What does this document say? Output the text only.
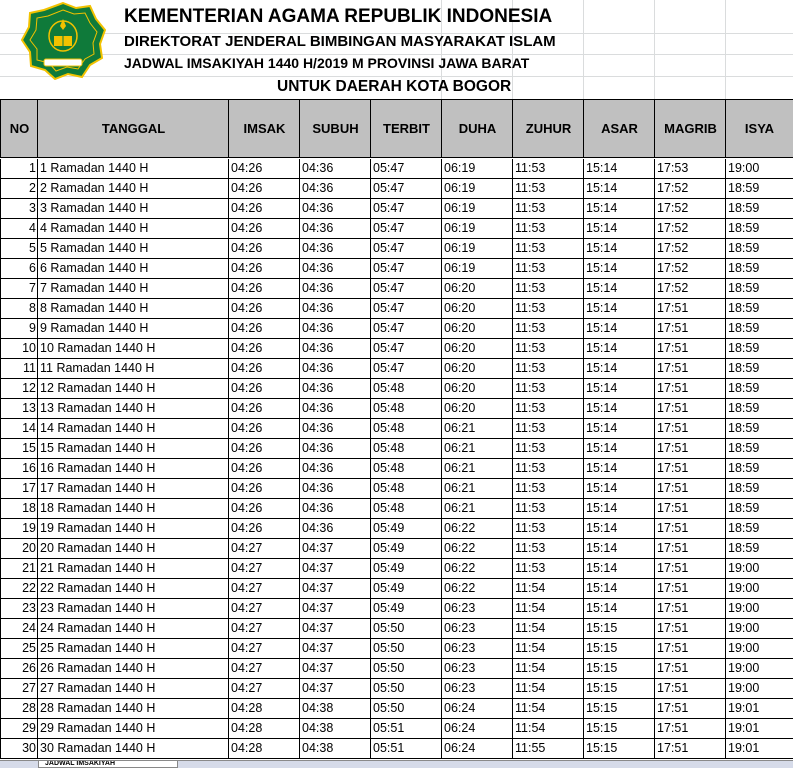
KEMENTERIAN AGAMA REPUBLIK INDONESIA
DIREKTORAT JENDERAL BIMBINGAN MASYARAKAT ISLAM
JADWAL IMSAKIYAH 1440 H/2019 M PROVINSI JAWA BARAT
UNTUK DAERAH KOTA BOGOR
NO	TANGGAL	IMSAK	SUBUH	TERBIT	DUHA	ZUHUR	ASAR	MAGRIB	ISYA
1 1 Ramadan 1440 H	04:26	04:36	05:47	06:19	11:53	15:14	17:53	19:00
2 2 Ramadan 1440 H	04:26	04:36	05:47	06:19	11:53	15:14	17:52	18:59
3 3 Ramadan 1440 H	04:26	04:36	05:47	06:19	11:53	15:14	17:52	18:59
4 4 Ramadan 1440 H	04:26	04:36	05:47	06:19	11:53	15:14	17:52	18:59
5 5 Ramadan 1440 H	04:26	04:36	05:47	06:19	11:53	15:14	17:52	18:59
6 6 Ramadan 1440 H	04:26	04:36	05:47	06:19	11:53	15:14	17:52	18:59
7 7 Ramadan 1440 H	04:26	04:36	05:47	06:20	11:53	15:14	17:52	18:59
8 8 Ramadan 1440 H	04:26	04:36	05:47	06:20	11:53	15:14	17:51	18:59
9 9 Ramadan 1440 H	04:26	04:36	05:47	06:20	11:53	15:14	17:51	18:59
10 10 Ramadan 1440 H	04:26	04:36	05:47	06:20	11:53	15:14	17:51	18:59
11 11 Ramadan 1440 H	04:26	04:36	05:47	06:20	11:53	15:14	17:51	18:59
12 12 Ramadan 1440 H	04:26	04:36	05:48	06:20	11:53	15:14	17:51	18:59
13 13 Ramadan 1440 H	04:26	04:36	05:48	06:20	11:53	15:14	17:51	18:59
14 14 Ramadan 1440 H	04:26	04:36	05:48	06:21	11:53	15:14	17:51	18:59
15 15 Ramadan 1440 H	04:26	04:36	05:48	06:21	11:53	15:14	17:51	18:59
16 16 Ramadan 1440 H	04:26	04:36	05:48	06:21	11:53	15:14	17:51	18:59
17 17 Ramadan 1440 H	04:26	04:36	05:48	06:21	11:53	15:14	17:51	18:59
18 18 Ramadan 1440 H	04:26	04:36	05:48	06:21	11:53	15:14	17:51	18:59
19 19 Ramadan 1440 H	04:26	04:36	05:49	06:22	11:53	15:14	17:51	18:59
20 20 Ramadan 1440 H	04:27	04:37	05:49	06:22	11:53	15:14	17:51	18:59
21 21 Ramadan 1440 H	04:27	04:37	05:49	06:22	11:53	15:14	17:51	19:00
22 22 Ramadan 1440 H	04:27	04:37	05:49	06:22	11:54	15:14	17:51	19:00
23 23 Ramadan 1440 H	04:27	04:37	05:49	06:23	11:54	15:14	17:51	19:00
24 24 Ramadan 1440 H	04:27	04:37	05:50	06:23	11:54	15:15	17:51	19:00
25 25 Ramadan 1440 H	04:27	04:37	05:50	06:23	11:54	15:15	17:51	19:00
26 26 Ramadan 1440 H	04:27	04:37	05:50	06:23	11:54	15:15	17:51	19:00
27 27 Ramadan 1440 H	04:27	04:37	05:50	06:23	11:54	15:15	17:51	19:00
28 28 Ramadan 1440 H	04:28	04:38	05:50	06:24	11:54	15:15	17:51	19:01
29 29 Ramadan 1440 H	04:28	04:38	05:51	06:24	11:54	15:15	17:51	19:01
30 30 Ramadan 1440 H	04:28	04:38	05:51	06:24	11:55	15:15	17:51	19:01
JADWAL IMSAKIYAH
